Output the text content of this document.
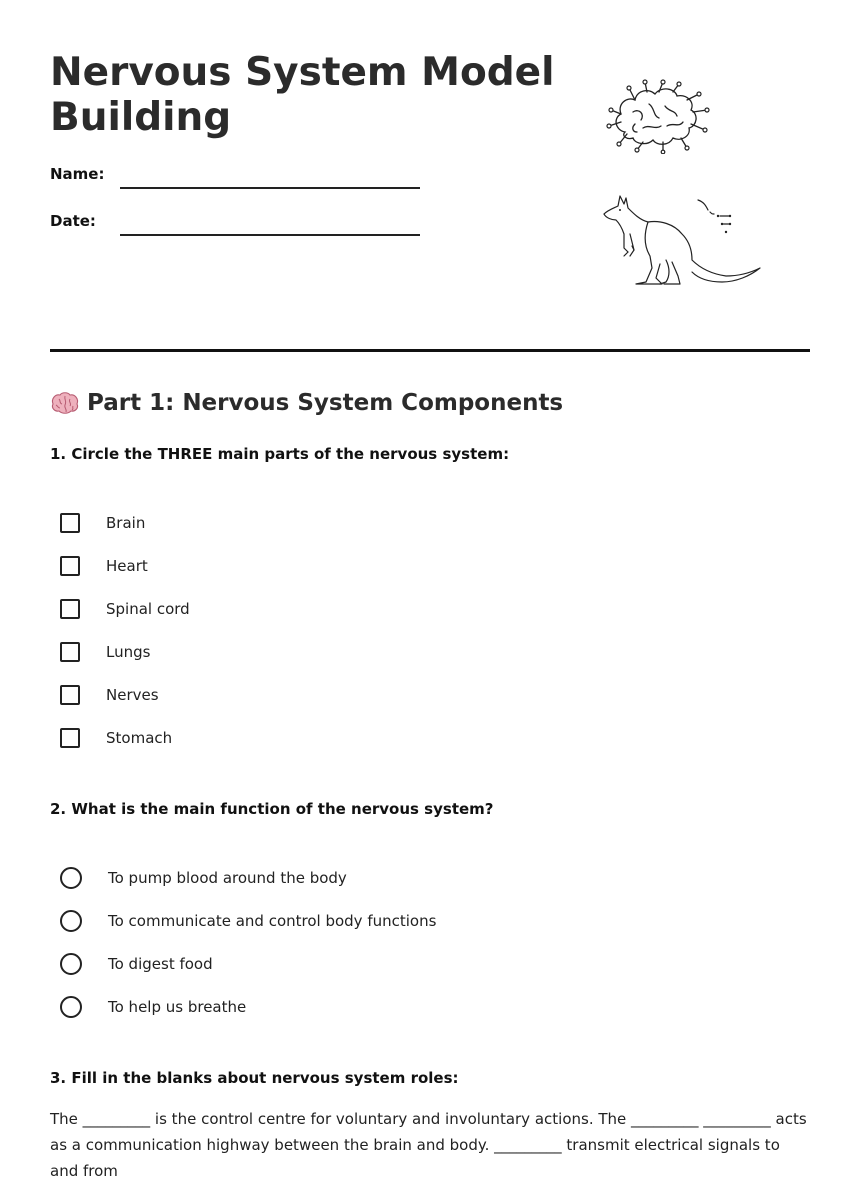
Nervous System Model Building
Name:
Date:
Part 1: Nervous System Components

1. Circle the THREE main parts of the nervous system:

Brain
Heart
Spinal cord
Lungs
Nerves
Stomach

2. What is the main function of the nervous system?

To pump blood around the body
To communicate and control body functions
To digest food
To help us breathe

3. Fill in the blanks about nervous system roles:

The _________ is the control centre for voluntary and involuntary actions. The _________ _________ acts as a communication highway between the brain and body. _________ transmit electrical signals to and from
